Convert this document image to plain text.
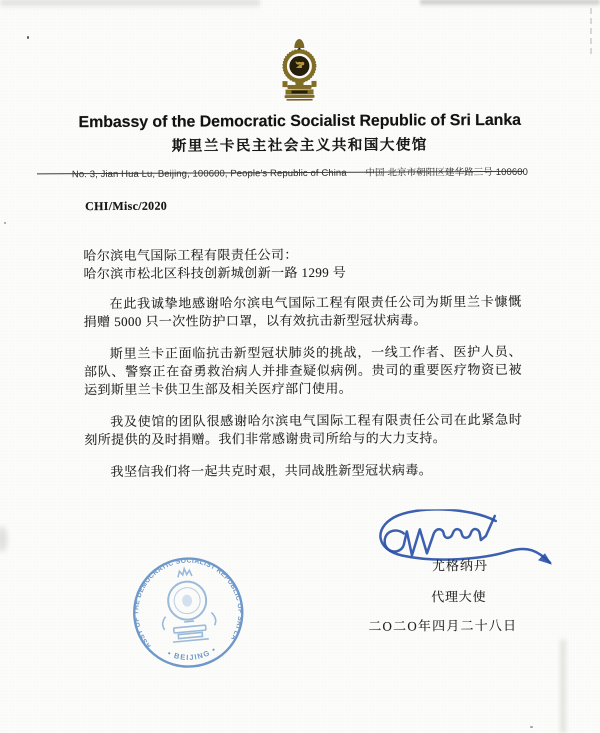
Embassy of the Democratic Socialist Republic of Sri Lanka
斯里兰卡民主社会主义共和国大使馆
No. 3, Jian Hua Lu, Beijing, 100600, People's Republic of China 中国 北京市朝阳区建华路三号 100600
CHI/Misc/2020
哈尔滨电气国际工程有限责任公司：
哈尔滨市松北区科技创新城创新一路 1299 号

在此我诚挚地感谢哈尔滨电气国际工程有限责任公司为斯里兰卡慷慨捐赠 5000 只一次性防护口罩，以有效抗击新型冠状病毒。

斯里兰卡正面临抗击新型冠状肺炎的挑战，一线工作者、医护人员、部队、警察正在奋勇救治病人并排查疑似病例。贵司的重要医疗物资已被运到斯里兰卡供卫生部及相关医疗部门使用。

我及使馆的团队很感谢哈尔滨电气国际工程有限责任公司在此紧急时刻所提供的及时捐赠。我们非常感谢贵司所给与的大力支持。

我坚信我们将一起共克时艰，共同战胜新型冠状病毒。

尤格纳丹
代理大使
二O二O年四月二十八日
EMBASSY OF THE DEMOCRATIC SOCIALIST REPUBLIC OF SRI LANKA
• BEIJING •
